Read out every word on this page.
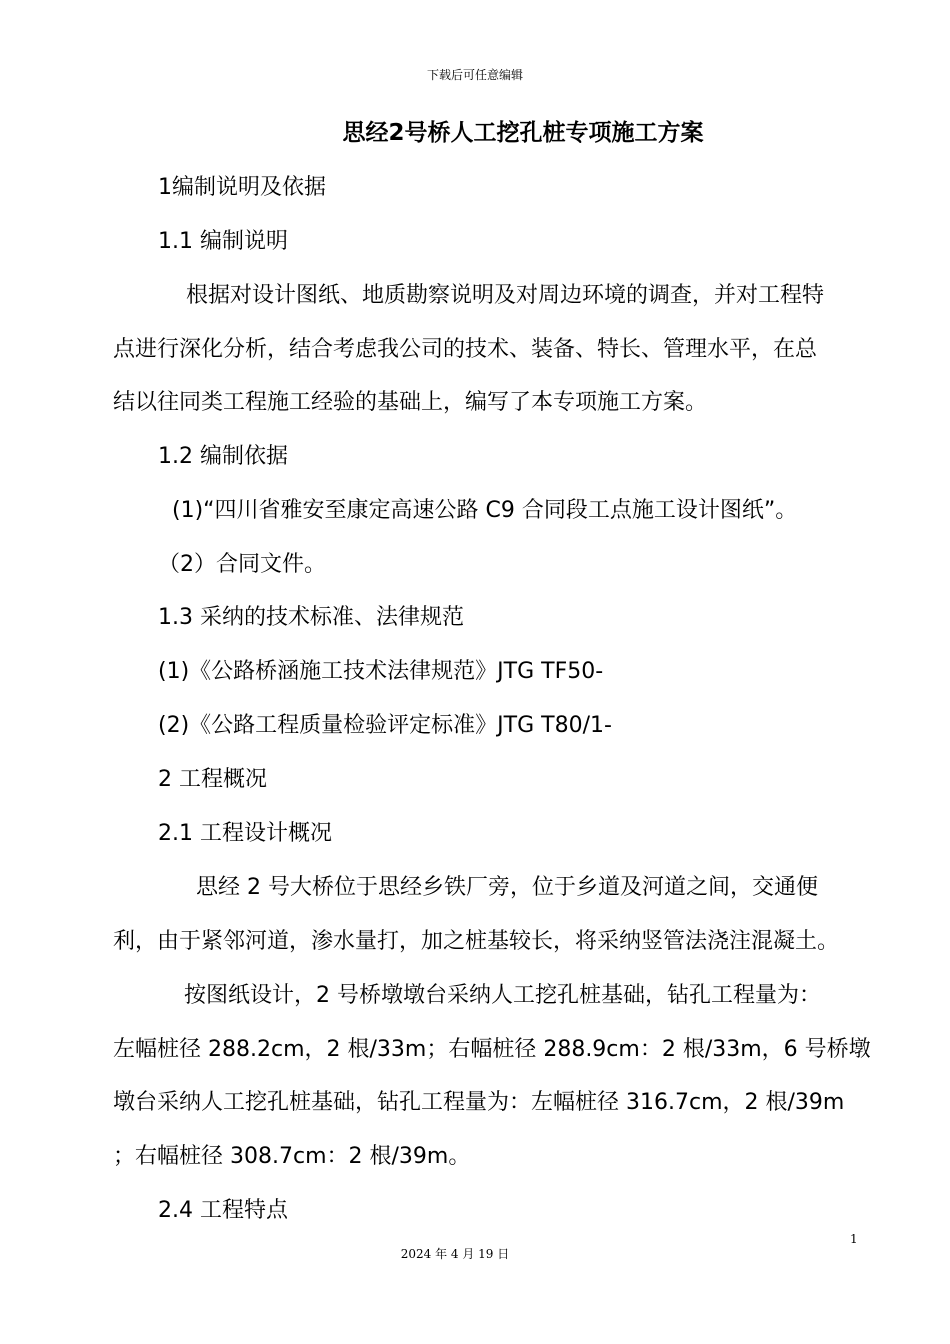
下载后可任意编辑
思经2号桥人工挖孔桩专项施工方案
1编制说明及依据
1.1 编制说明
根据对设计图纸、地质勘察说明及对周边环境的调查，并对工程特
点进行深化分析，结合考虑我公司的技术、装备、特长、管理水平，在总
结以往同类工程施工经验的基础上，编写了本专项施工方案。
1.2 编制依据
(1)“四川省雅安至康定高速公路 C9 合同段工点施工设计图纸”。
（2）合同文件。
1.3 采纳的技术标准、法律规范
(1)《公路桥涵施工技术法律规范》JTG TF50-
(2)《公路工程质量检验评定标准》JTG T80/1-
2 工程概况
2.1 工程设计概况
思经 2 号大桥位于思经乡铁厂旁，位于乡道及河道之间，交通便
利，由于紧邻河道，渗水量打，加之桩基较长，将采纳竖管法浇注混凝土。
按图纸设计，2 号桥墩墩台采纳人工挖孔桩基础，钻孔工程量为：
左幅桩径 288.2cm，2 根/33m；右幅桩径 288.9cm：2 根/33m，6 号桥墩
墩台采纳人工挖孔桩基础，钻孔工程量为：左幅桩径 316.7cm，2 根/39m
；右幅桩径 308.7cm：2 根/39m。
2.4 工程特点
1
2024 年 4 月 19 日
